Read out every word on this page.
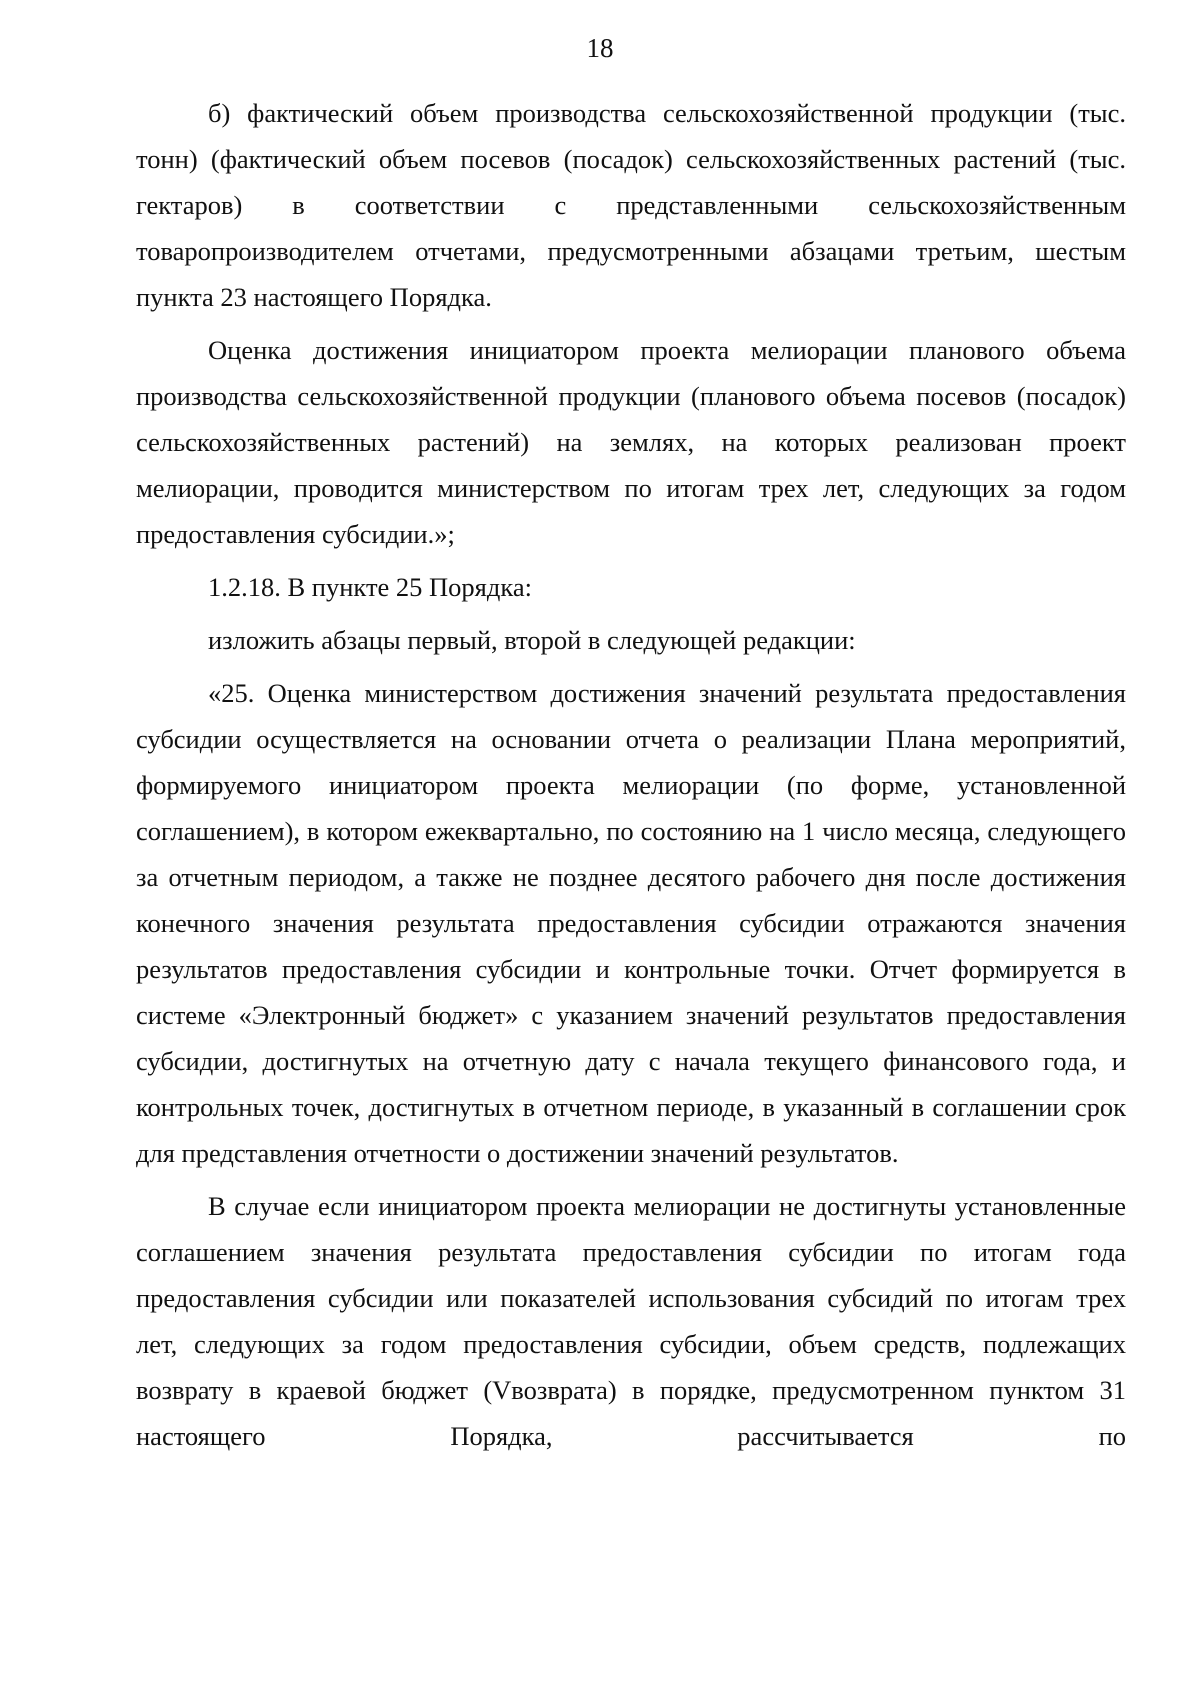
18

б) фактический объем производства сельскохозяйственной продукции (тыс. тонн) (фактический объем посевов (посадок) сельскохозяйственных растений (тыс. гектаров) в соответствии с представленными сельскохозяйственным товаропроизводителем отчетами, предусмотренными абзацами третьим, шестым пункта 23 настоящего Порядка.

Оценка достижения инициатором проекта мелиорации планового объема производства сельскохозяйственной продукции (планового объема посевов (посадок) сельскохозяйственных растений) на землях, на которых реализован проект мелиорации, проводится министерством по итогам трех лет, следующих за годом предоставления субсидии.»;

1.2.18. В пункте 25 Порядка:

изложить абзацы первый, второй в следующей редакции:

«25. Оценка министерством достижения значений результата предоставления субсидии осуществляется на основании отчета о реализации Плана мероприятий, формируемого инициатором проекта мелиорации (по форме, установленной соглашением), в котором ежеквартально, по состоянию на 1 число месяца, следующего за отчетным периодом, а также не позднее десятого рабочего дня после достижения конечного значения результата предоставления субсидии отражаются значения результатов предоставления субсидии и контрольные точки. Отчет формируется в системе «Электронный бюджет» с указанием значений результатов предоставления субсидии, достигнутых на отчетную дату с начала текущего финансового года, и контрольных точек, достигнутых в отчетном периоде, в указанный в соглашении срок для представления отчетности о достижении значений результатов.

В случае если инициатором проекта мелиорации не достигнуты установленные соглашением значения результата предоставления субсидии по итогам года предоставления субсидии или показателей использования субсидий по итогам трех лет, следующих за годом предоставления субсидии, объем средств, подлежащих возврату в краевой бюджет (Vвозврата) в порядке, предусмотренном пунктом 31 настоящего Порядка, рассчитывается по
